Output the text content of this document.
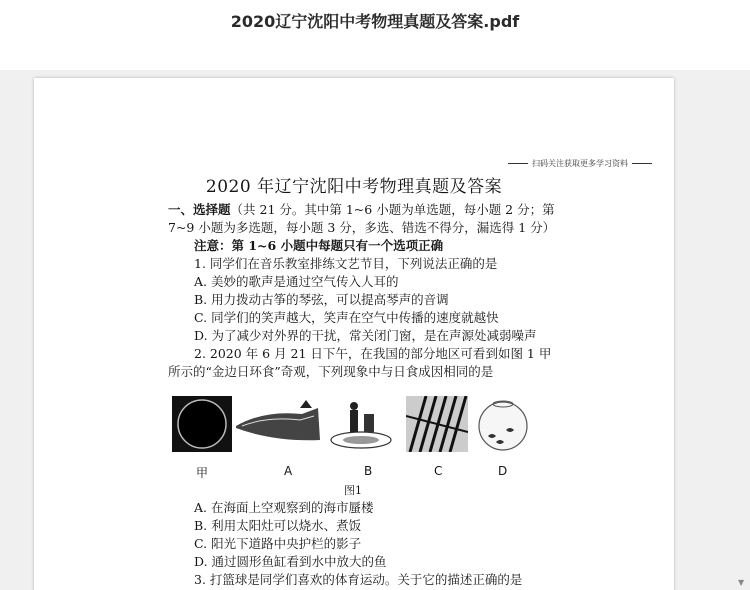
2020辽宁沈阳中考物理真题及答案.pdf
扫码关注获取更多学习资料
2020 年辽宁沈阳中考物理真题及答案
一、选择题（共 21 分。其中第 1~6 小题为单选题，每小题 2 分；第
7~9 小题为多选题，每小题 3 分，多选、错选不得分，漏选得 1 分）
注意：第 1~6 小题中每题只有一个选项正确
1. 同学们在音乐教室排练文艺节目，下列说法正确的是
A. 美妙的歌声是通过空气传入人耳的
B. 用力拨动古筝的琴弦，可以提高琴声的音调
C. 同学们的笑声越大，笑声在空气中传播的速度就越快
D. 为了减少对外界的干扰，常关闭门窗，是在声源处减弱噪声
2. 2020 年 6 月 21 日下午，在我国的部分地区可看到如图 1 甲
所示的“金边日环食”奇观，下列现象中与日食成因相同的是
甲	A	B	C	D
图1
A. 在海面上空观察到的海市蜃楼
B. 利用太阳灶可以烧水、煮饭
C. 阳光下道路中央护栏的影子
D. 通过圆形鱼缸看到水中放大的鱼
3. 打篮球是同学们喜欢的体育运动。关于它的描述正确的是	▼
